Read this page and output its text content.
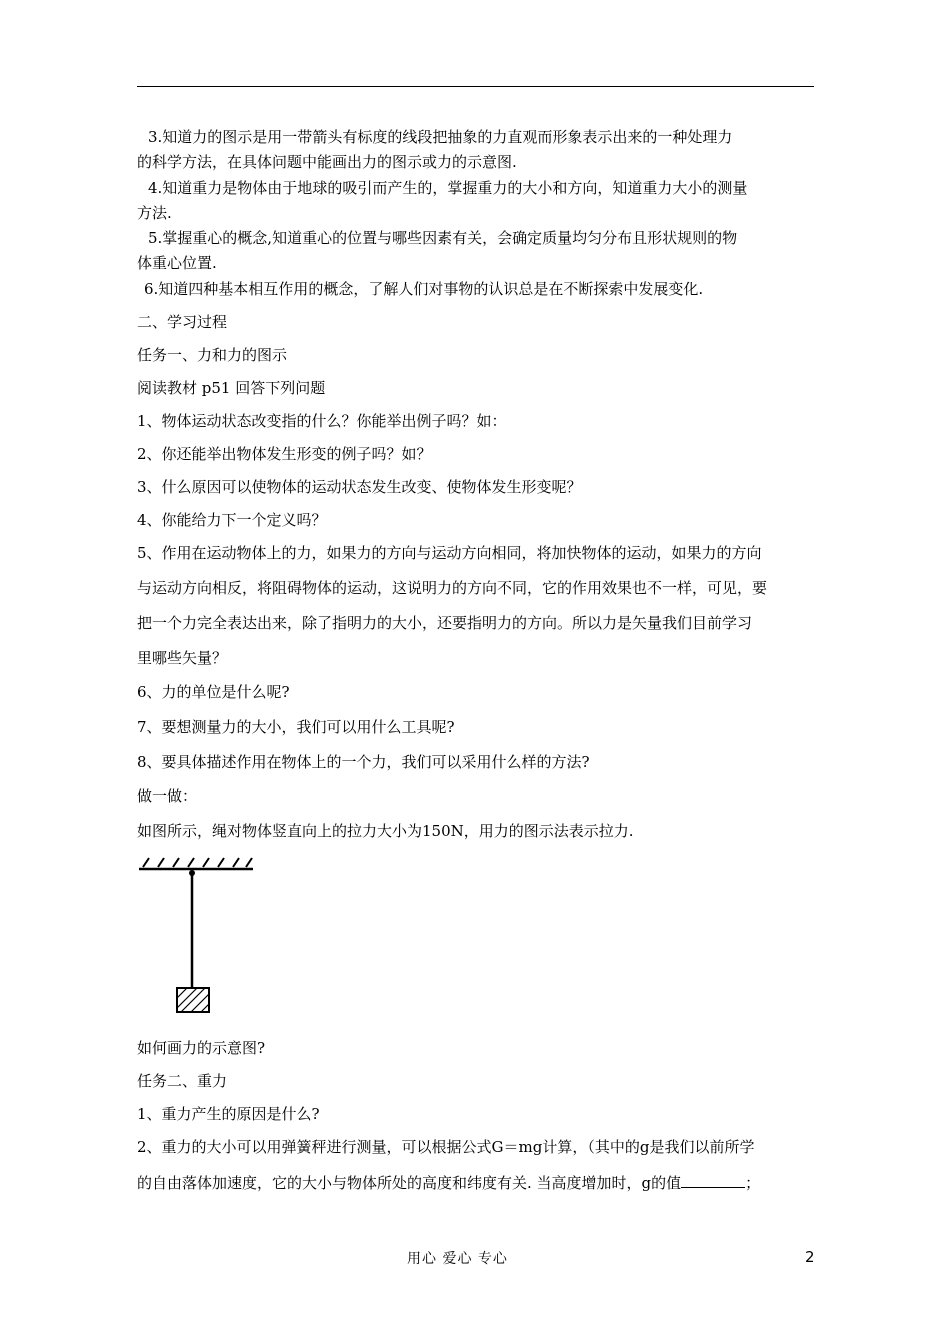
3.知道力的图示是用一带箭头有标度的线段把抽象的力直观而形象表示出来的一种处理力
的科学方法，在具体问题中能画出力的图示或力的示意图.
4.知道重力是物体由于地球的吸引而产生的，掌握重力的大小和方向，知道重力大小的测量
方法.
5.掌握重心的概念,知道重心的位置与哪些因素有关，会确定质量均匀分布且形状规则的物
体重心位置.
6.知道四种基本相互作用的概念，了解人们对事物的认识总是在不断探索中发展变化.
二、学习过程
任务一、力和力的图示
阅读教材 p51 回答下列问题
1、物体运动状态改变指的什么？你能举出例子吗？如：
2、你还能举出物体发生形变的例子吗？如？
3、什么原因可以使物体的运动状态发生改变、使物体发生形变呢？
4、你能给力下一个定义吗？
5、作用在运动物体上的力，如果力的方向与运动方向相同，将加快物体的运动，如果力的方向
与运动方向相反，将阻碍物体的运动，这说明力的方向不同，它的作用效果也不一样，可见，要
把一个力完全表达出来，除了指明力的大小，还要指明力的方向。所以力是矢量我们目前学习
里哪些矢量？
6、力的单位是什么呢?
7、要想测量力的大小，我们可以用什么工具呢?
8、要具体描述作用在物体上的一个力，我们可以采用什么样的方法?
做一做：
如图所示，绳对物体竖直向上的拉力大小为150N，用力的图示法表示拉力.
如何画力的示意图?
任务二、重力
1、重力产生的原因是什么?
2、重力的大小可以用弹簧秤进行测量，可以根据公式G＝mg计算，（其中的g是我们以前所学
的自由落体加速度，它的大小与物体所处的高度和纬度有关. 当高度增加时，g的值	；
用心 爱心 专心	2
